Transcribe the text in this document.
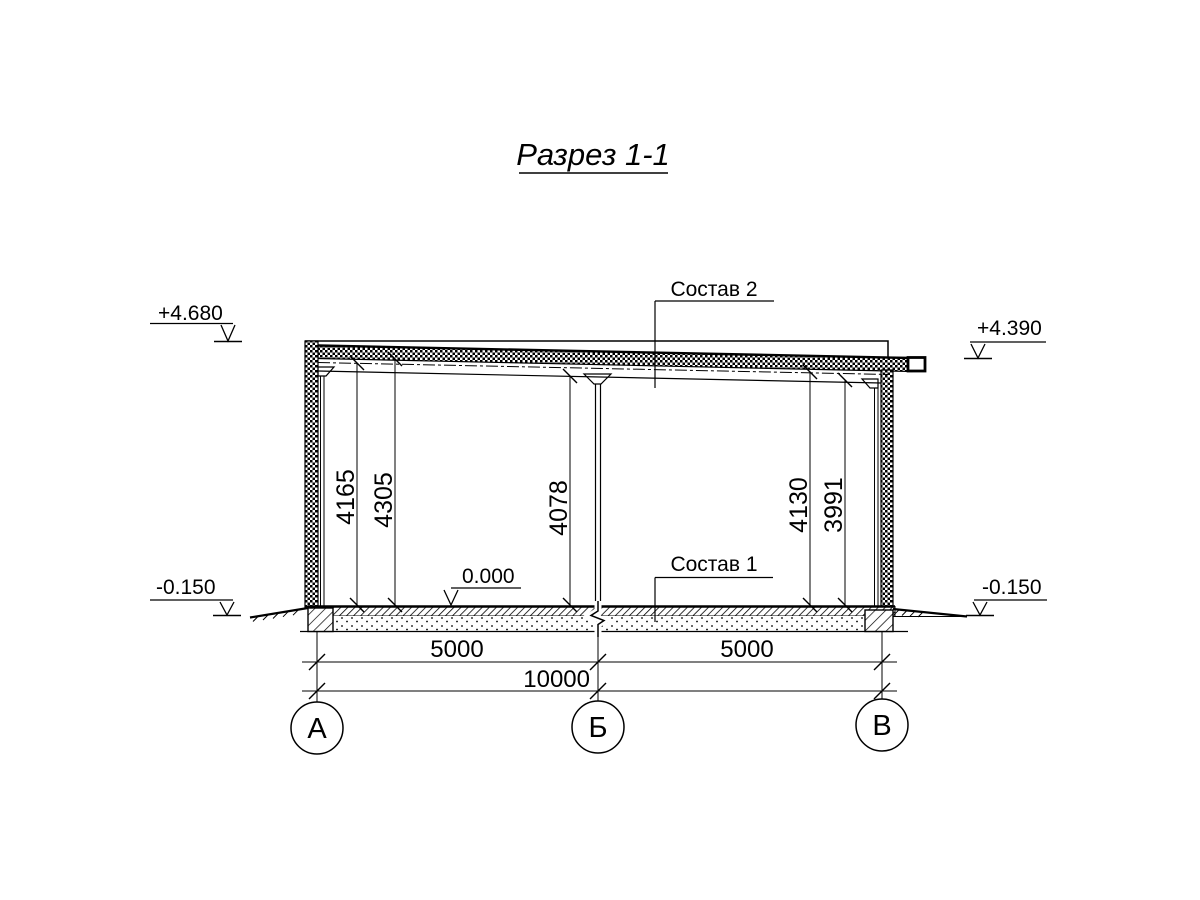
Разрез 1-1
4165 4305	4078	4130 3991
+4.680
+4.390
0.000
-0.150	-0.150
Состав 2
Состав 1
5000	5000
10000
А	Б	В
